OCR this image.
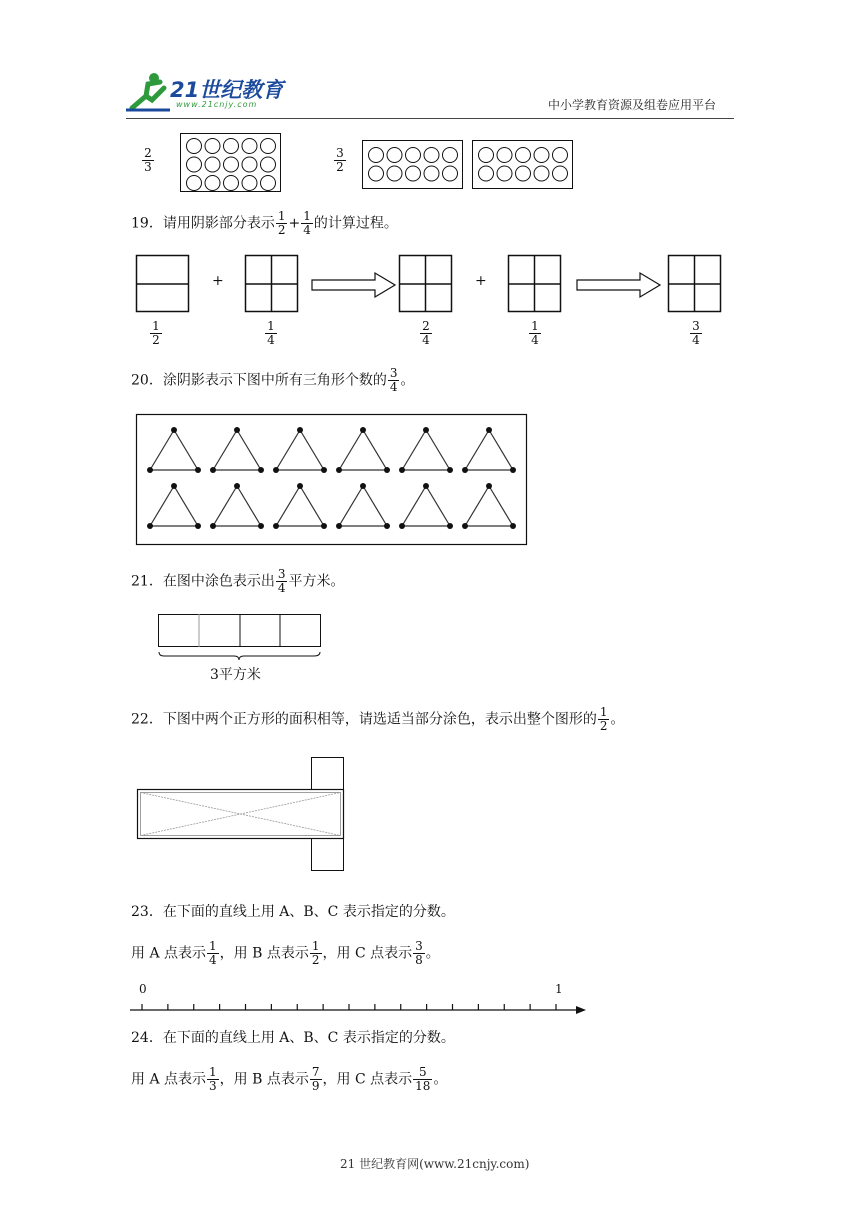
21世纪教育
www.21cnjy.com	中小学教育资源及组卷应用平台
2
3
3
2
19．请用阴影部分表示 $\frac{1}{2} + \frac{1}{4}$ 的计算过程。
+	+
1
2
1
4
2
4
1
4
3
4
20．涂阴影表示下图中所有三角形个数的 $\frac{3}{4}$ 。
21．在图中涂色表示出 $\frac{3}{4}$ 平方米。
3平方米
22．下图中两个正方形的面积相等，请选适当部分涂色，表示出整个图形的 $\frac{1}{2}$ 。
23．在下面的直线上用 A、B、C 表示指定的分数。
用 A 点表示 $\frac{1}{4}$ ，用 B 点表示 $\frac{1}{2}$ ，用 C 点表示 $\frac{3}{8}$ 。
0	1
24．在下面的直线上用 A、B、C 表示指定的分数。
用 A 点表示 $\frac{1}{3}$ ，用 B 点表示 $\frac{7}{9}$ ，用 C 点表示 $\frac{5}{18}$ 。
21 世纪教育网(www.21cnjy.com)
